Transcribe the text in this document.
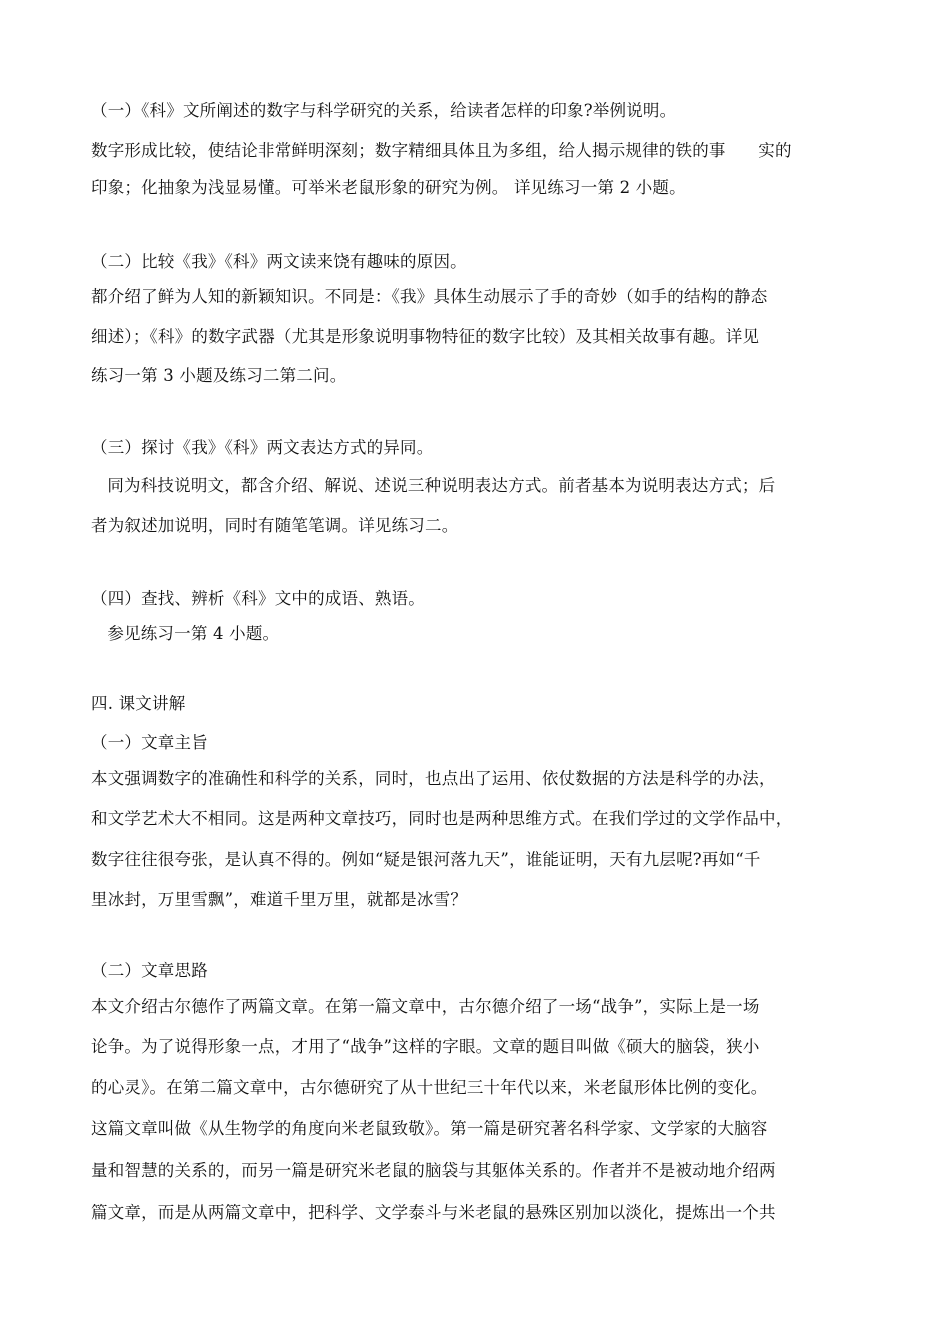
（一）《科》文所阐述的数字与科学研究的关系，给读者怎样的印象?举例说明。
数字形成比较，使结论非常鲜明深刻；数字精细具体且为多组，给人揭示规律的铁的事      实的
印象；化抽象为浅显易懂。可举米老鼠形象的研究为例。 详见练习一第 2 小题。
（二）比较《我》《科》两文读来饶有趣味的原因。
都介绍了鲜为人知的新颖知识。不同是：《我》具体生动展示了手的奇妙（如手的结构的静态
细述）；《科》的数字武器（尤其是形象说明事物特征的数字比较）及其相关故事有趣。详见
练习一第 3 小题及练习二第二问。
（三）探讨《我》《科》两文表达方式的异同。
同为科技说明文，都含介绍、解说、述说三种说明表达方式。前者基本为说明表达方式；后
者为叙述加说明，同时有随笔笔调。详见练习二。
（四）查找、辨析《科》文中的成语、熟语。
参见练习一第 4 小题。
四. 课文讲解
（一）文章主旨
本文强调数字的准确性和科学的关系，同时，也点出了运用、依仗数据的方法是科学的办法，
和文学艺术大不相同。这是两种文章技巧，同时也是两种思维方式。在我们学过的文学作品中，
数字往往很夸张，是认真不得的。例如“疑是银河落九天”，谁能证明，天有九层呢?再如“千
里冰封，万里雪飘”，难道千里万里，就都是冰雪？
（二）文章思路
本文介绍古尔德作了两篇文章。在第一篇文章中，古尔德介绍了一场“战争”，实际上是一场
论争。为了说得形象一点，才用了“战争”这样的字眼。文章的题目叫做《硕大的脑袋，狭小
的心灵》。在第二篇文章中，古尔德研究了从十世纪三十年代以来，米老鼠形体比例的变化。
这篇文章叫做《从生物学的角度向米老鼠致敬》。第一篇是研究著名科学家、文学家的大脑容
量和智慧的关系的，而另一篇是研究米老鼠的脑袋与其躯体关系的。作者并不是被动地介绍两
篇文章，而是从两篇文章中，把科学、文学泰斗与米老鼠的悬殊区别加以淡化，提炼出一个共
